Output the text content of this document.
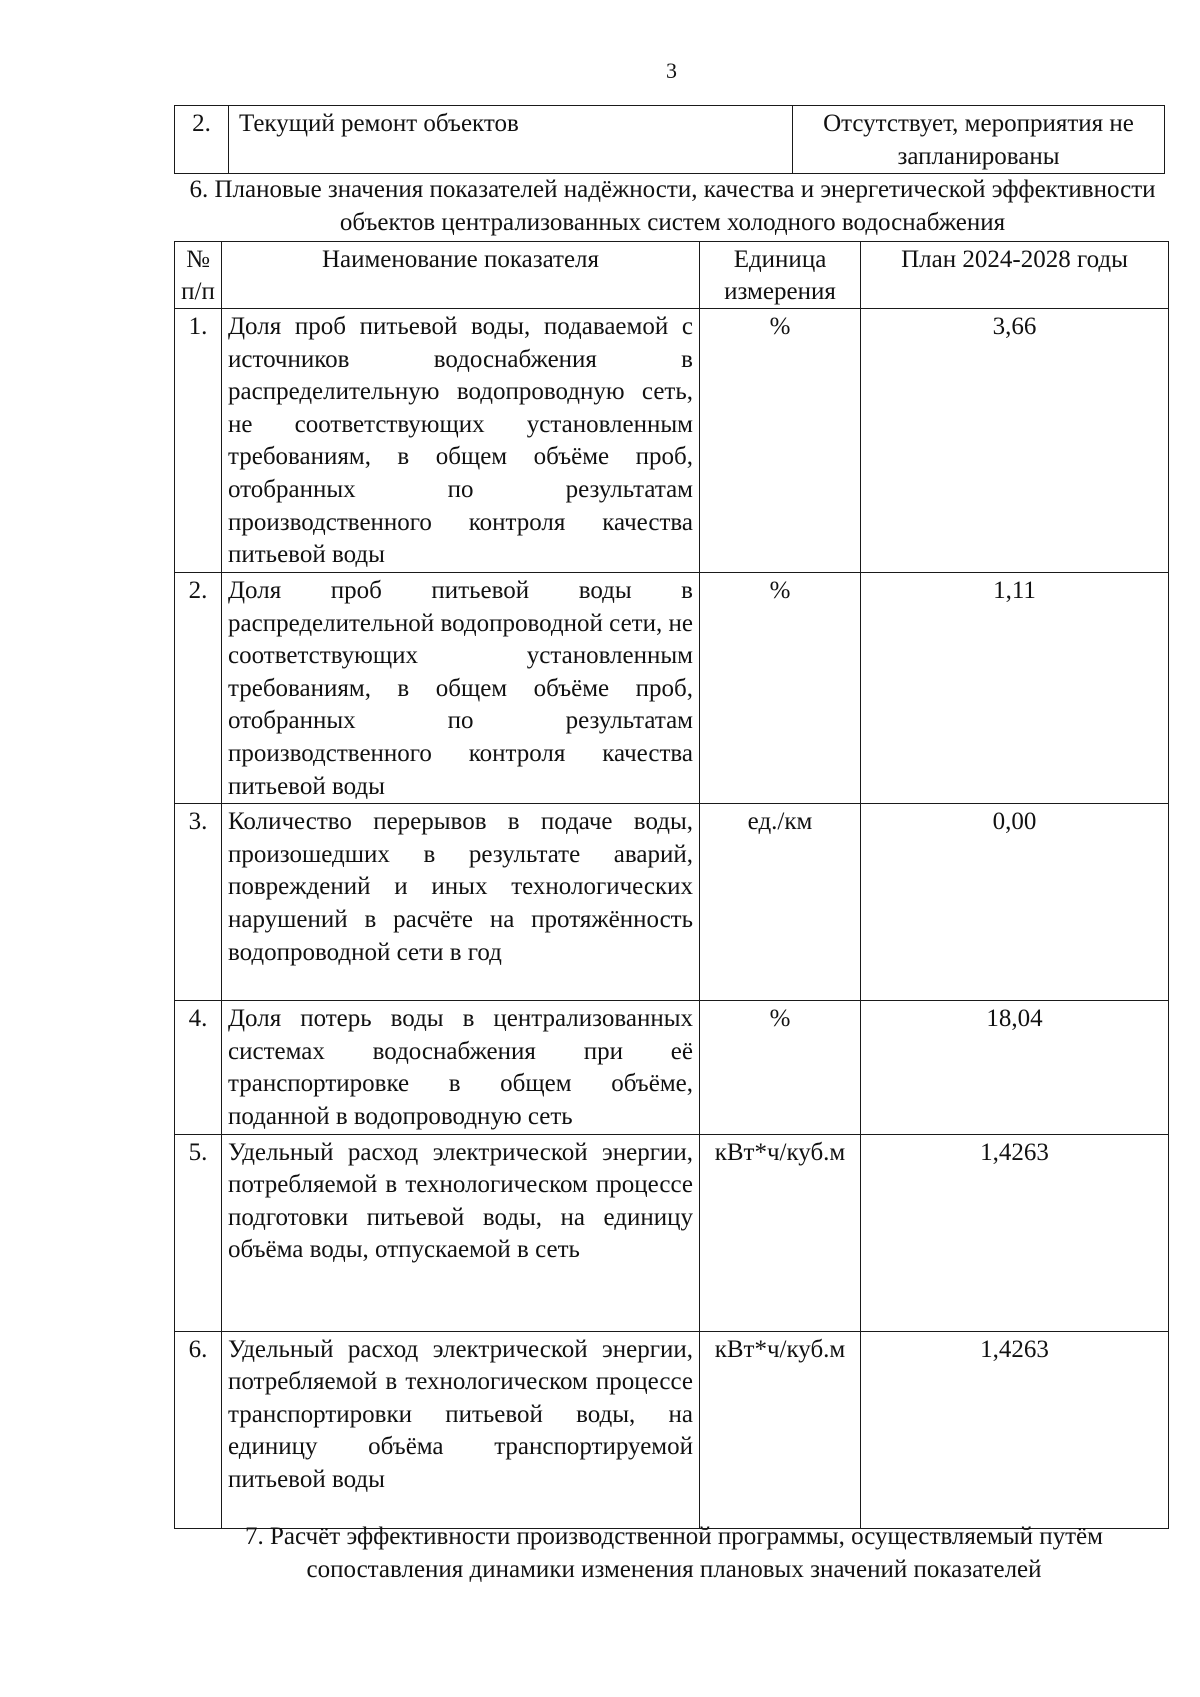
3
2.	Текущий ремонт объектов	Отсутствует, мероприятия не запланированы
6. Плановые значения показателей надёжности, качества и энергетической эффективности объектов централизованных систем холодного водоснабжения
№ п/п	Наименование показателя	Единица измерения	План 2024-2028 годы
1.	Доля проб питьевой воды, подаваемой с источников водоснабжения в распределительную водопроводную сеть, не соответствующих установленным требованиям, в общем объёме проб, отобранных по результатам производственного контроля качества питьевой воды	%	3,66
2.	Доля проб питьевой воды в распределительной водопроводной сети, не соответствующих установленным требованиям, в общем объёме проб, отобранных по результатам производственного контроля качества питьевой воды	%	1,11
3.	Количество перерывов в подаче воды, произошедших в результате аварий, повреждений и иных технологических нарушений в расчёте на протяжённость водопроводной сети в год	ед./км	0,00
4.	Доля потерь воды в централизованных системах водоснабжения при её транспортировке в общем объёме, поданной в водопроводную сеть	%	18,04
5.	Удельный расход электрической энергии, потребляемой в технологическом процессе подготовки питьевой воды, на единицу объёма воды, отпускаемой в сеть	кВт*ч/куб.м	1,4263
6.	Удельный расход электрической энергии, потребляемой в технологическом процессе транспортировки питьевой воды, на единицу объёма транспортируемой питьевой воды	кВт*ч/куб.м	1,4263
7. Расчёт эффективности производственной программы, осуществляемый путём сопоставления динамики изменения плановых значений показателей
